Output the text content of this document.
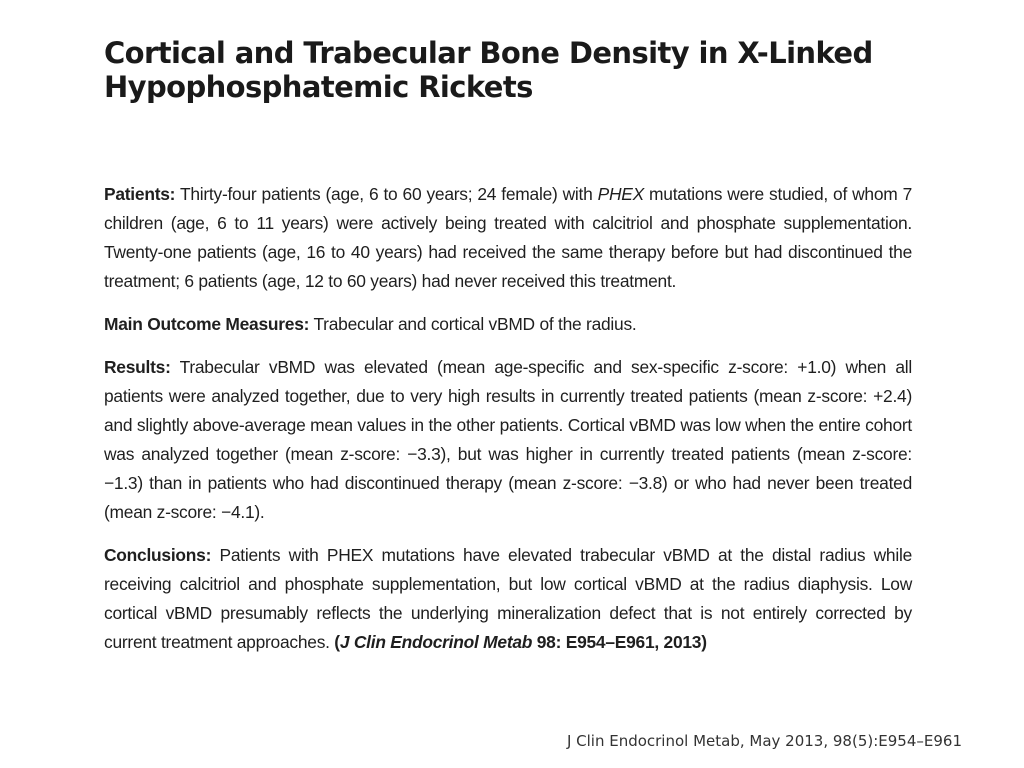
Cortical and Trabecular Bone Density in X-Linked Hypophosphatemic Rickets

Patients: Thirty-four patients (age, 6 to 60 years; 24 female) with PHEX mutations were studied, of whom 7 children (age, 6 to 11 years) were actively being treated with calcitriol and phosphate supplementation. Twenty-one patients (age, 16 to 40 years) had received the same therapy before but had discontinued the treatment; 6 patients (age, 12 to 60 years) had never received this treatment.

Main Outcome Measures: Trabecular and cortical vBMD of the radius.

Results: Trabecular vBMD was elevated (mean age-specific and sex-specific z-score: +1.0) when all patients were analyzed together, due to very high results in currently treated patients (mean z-score: +2.4) and slightly above-average mean values in the other patients. Cortical vBMD was low when the entire cohort was analyzed together (mean z-score: −3.3), but was higher in currently treated patients (mean z-score: −1.3) than in patients who had discontinued therapy (mean z-score: −3.8) or who had never been treated (mean z-score: −4.1).

Conclusions: Patients with PHEX mutations have elevated trabecular vBMD at the distal radius while receiving calcitriol and phosphate supplementation, but low cortical vBMD at the radius diaphysis. Low cortical vBMD presumably reflects the underlying mineralization defect that is not entirely corrected by current treatment approaches. (J Clin Endocrinol Metab 98: E954–E961, 2013)

J Clin Endocrinol Metab, May 2013, 98(5):E954–E961
